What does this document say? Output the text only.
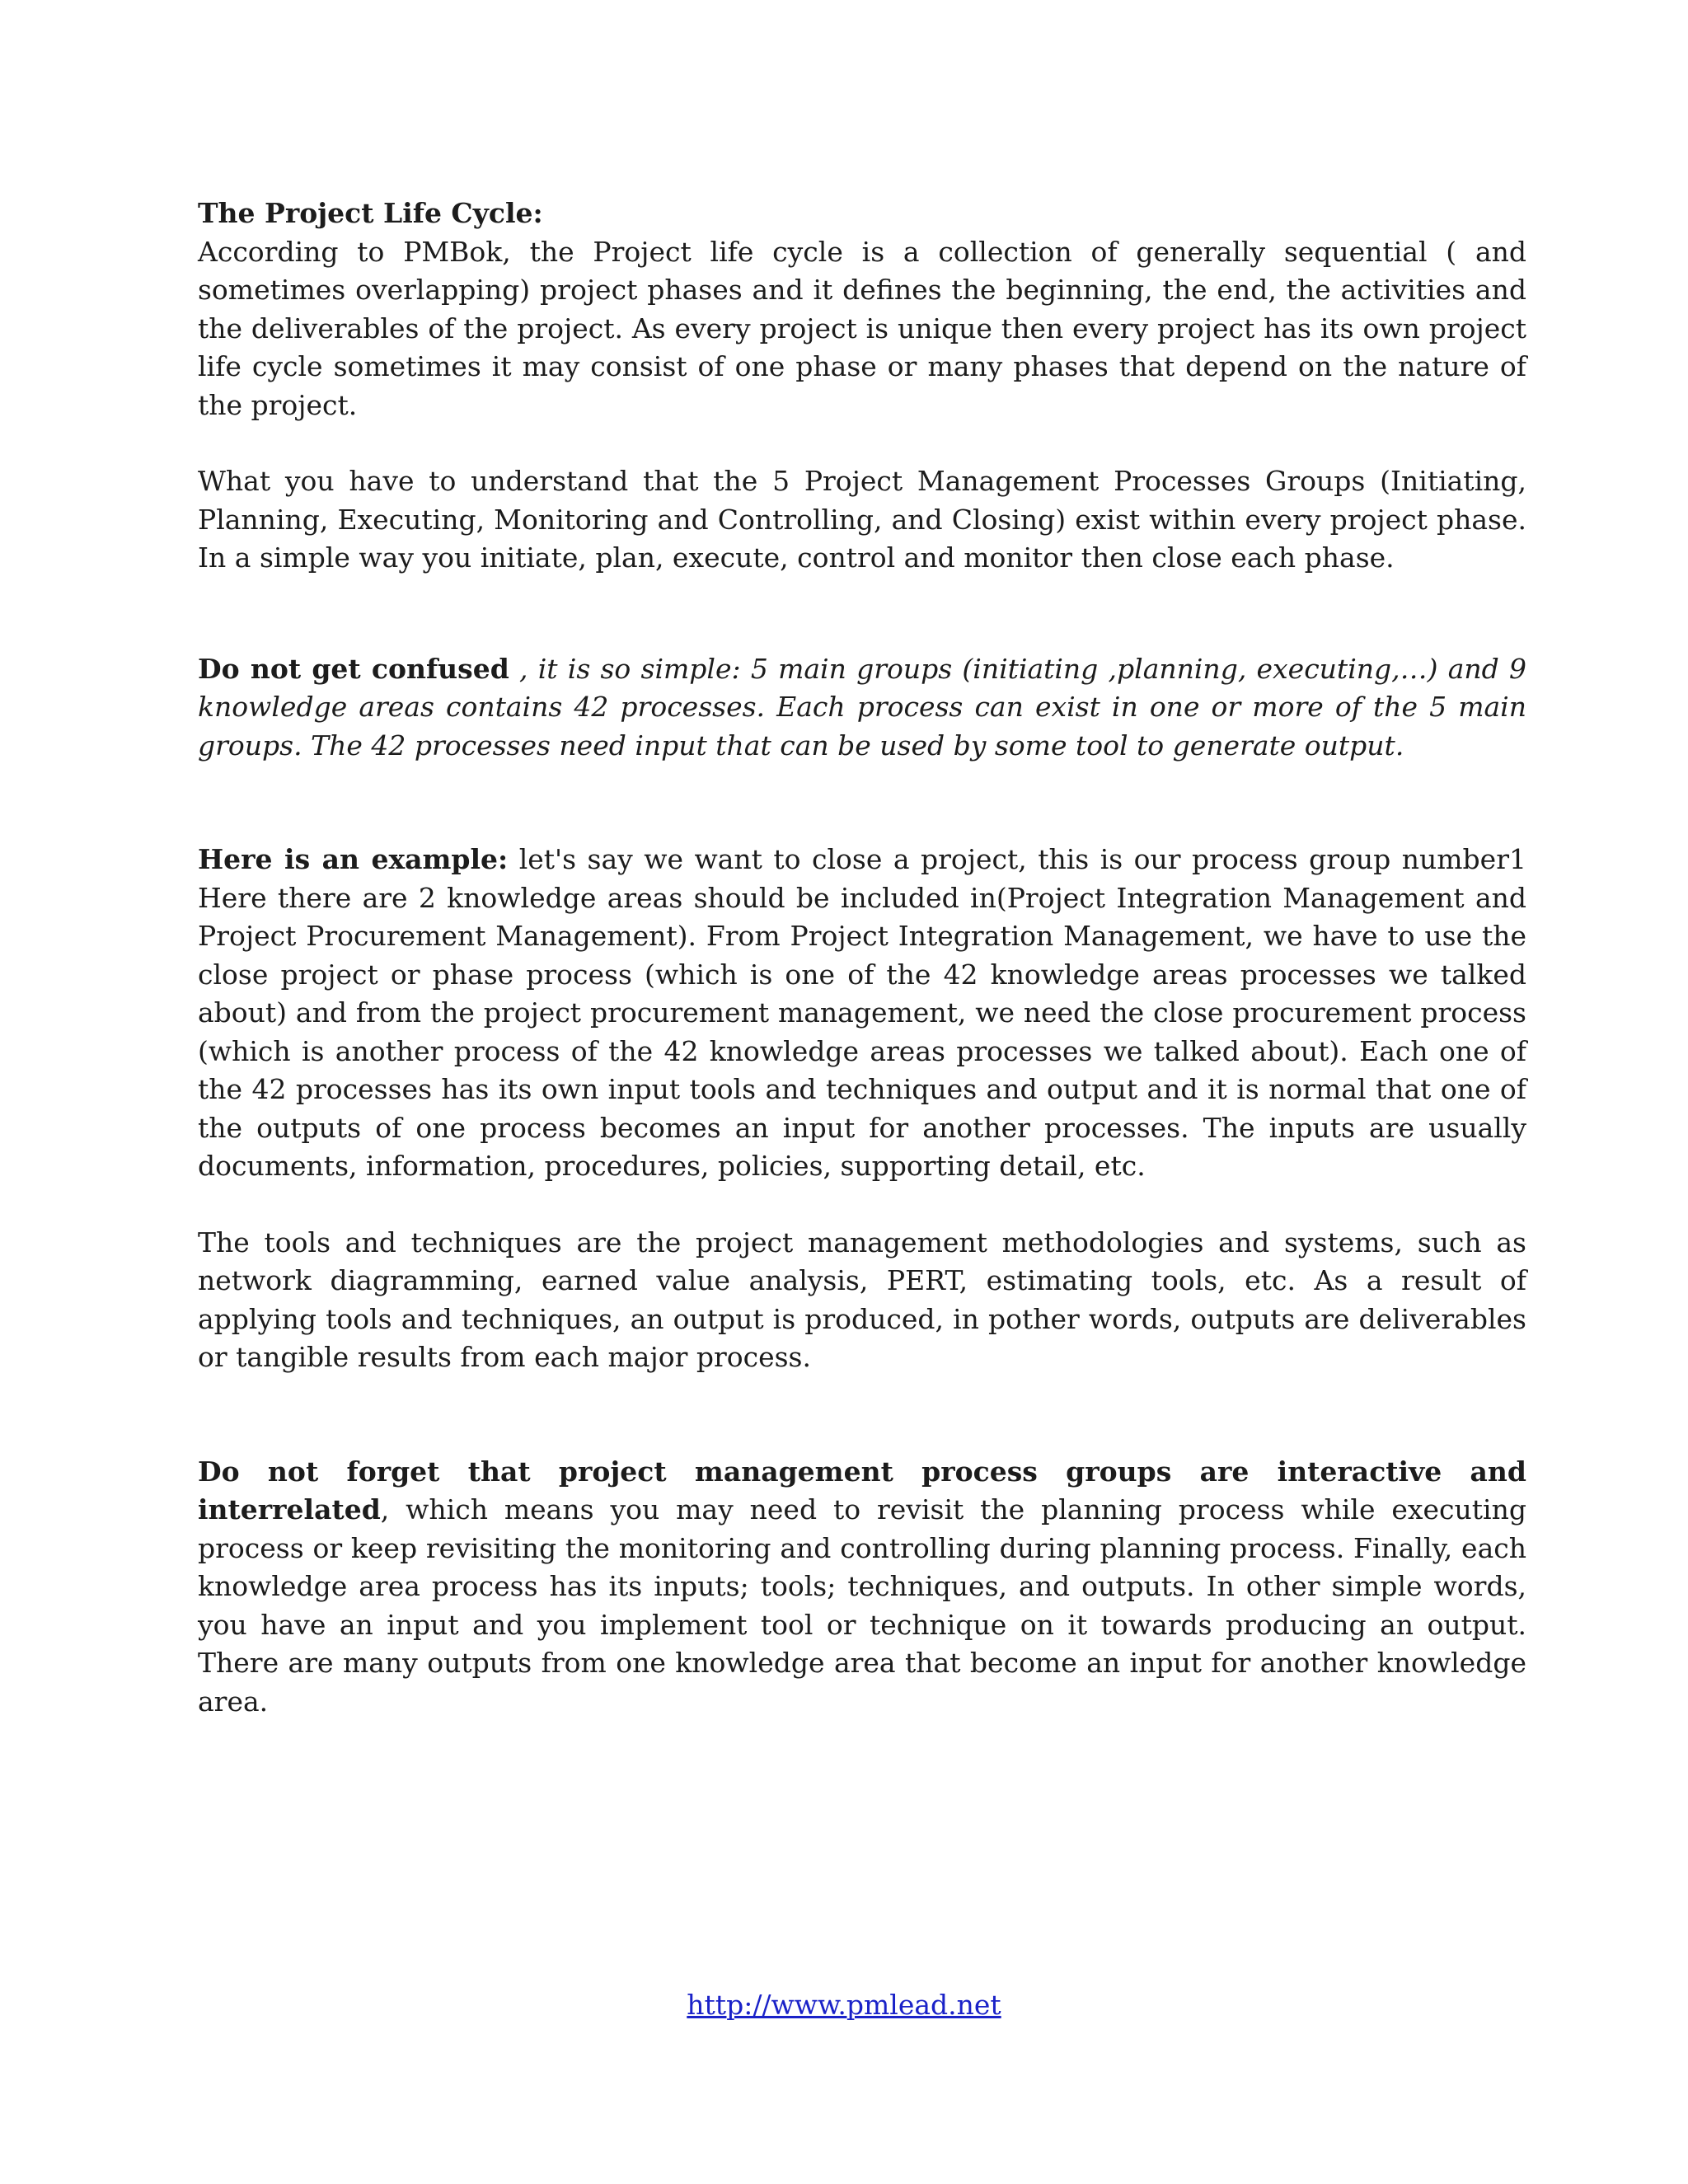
The Project Life Cycle:

According to PMBok, the Project life cycle is a collection of generally sequential ( and sometimes overlapping) project phases and it defines the beginning, the end, the activities and the deliverables of the project. As every project is unique then every project has its own project life cycle sometimes it may consist of one phase or many phases that depend on the nature of the project.

What you have to understand that the 5 Project Management Processes Groups (Initiating, Planning, Executing, Monitoring and Controlling, and Closing) exist within every project phase. In a simple way you initiate, plan, execute, control and monitor then close each phase.

Do not get confused , it is so simple: 5 main groups (initiating ,planning, executing,…) and 9 knowledge areas contains 42 processes. Each process can exist in one or more of the 5 main groups. The 42 processes need input that can be used by some tool to generate output.

Here is an example: let's say we want to close a project, this is our process group number1 Here there are 2 knowledge areas should be included in(Project Integration Management and Project Procurement Management). From Project Integration Management, we have to use the close project or phase process (which is one of the 42 knowledge areas processes we talked about) and from the project procurement management, we need the close procurement process (which is another process of the 42 knowledge areas processes we talked about). Each one of the 42 processes has its own input tools and techniques and output and it is normal that one of the outputs of one process becomes an input for another processes. The inputs are usually documents, information, procedures, policies, supporting detail, etc.

The tools and techniques are the project management methodologies and systems, such as network diagramming, earned value analysis, PERT, estimating tools, etc. As a result of applying tools and techniques, an output is produced, in pother words, outputs are deliverables or tangible results from each major process.

Do not forget that project management process groups are interactive and interrelated, which means you may need to revisit the planning process while executing process or keep revisiting the monitoring and controlling during planning process. Finally, each knowledge area process has its inputs; tools; techniques, and outputs. In other simple words, you have an input and you implement tool or technique on it towards producing an output. There are many outputs from one knowledge area that become an input for another knowledge area.

http://www.pmlead.net
